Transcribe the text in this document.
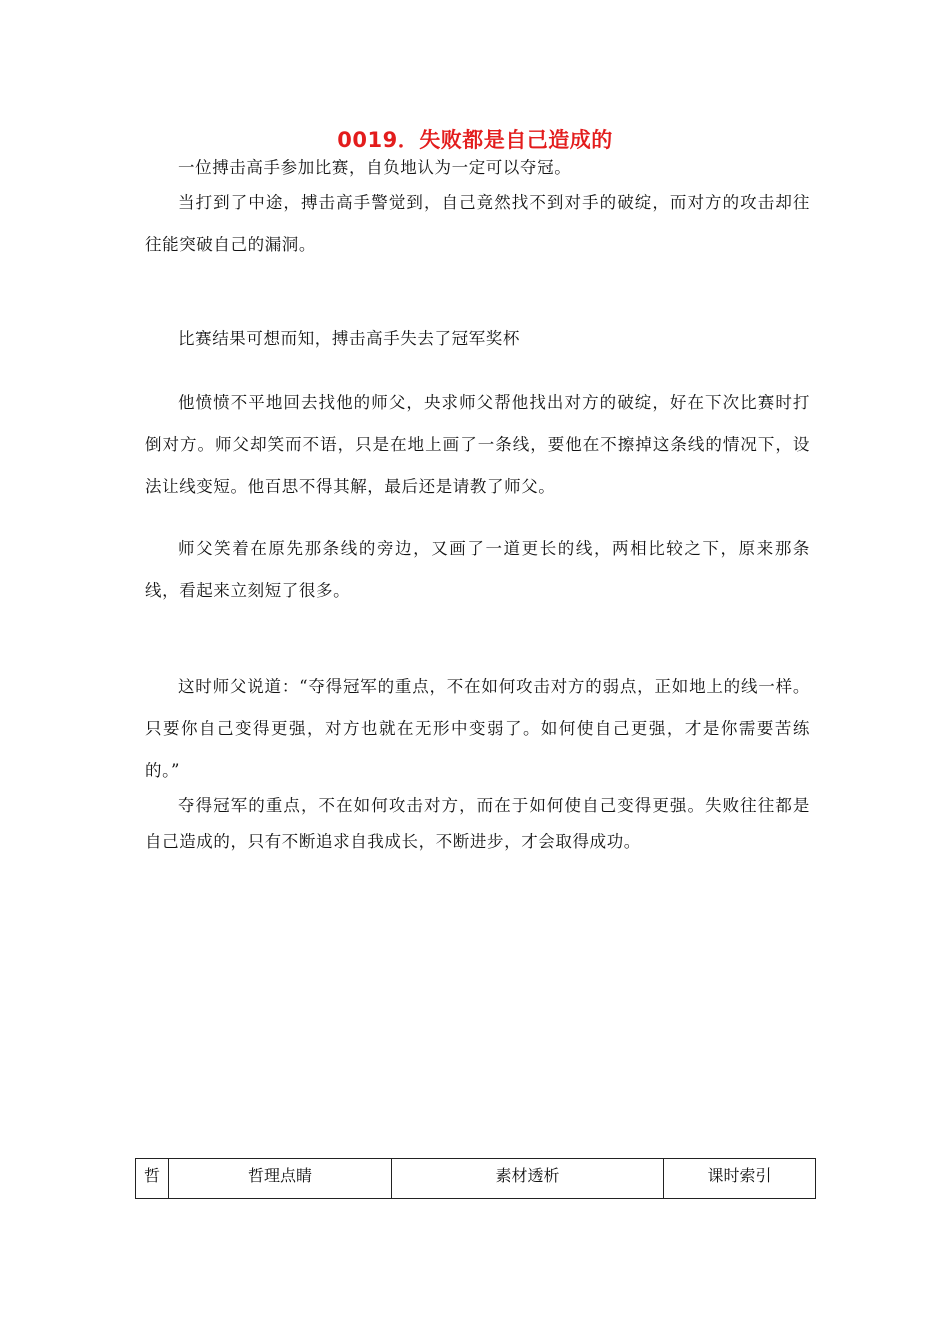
0019．失败都是自己造成的
一位搏击高手参加比赛，自负地认为一定可以夺冠。
当打到了中途，搏击高手警觉到，自己竟然找不到对手的破绽，而对方的攻击却往往能突破自己的漏洞。
比赛结果可想而知，搏击高手失去了冠军奖杯
他愤愤不平地回去找他的师父，央求师父帮他找出对方的破绽，好在下次比赛时打倒对方。师父却笑而不语，只是在地上画了一条线，要他在不擦掉这条线的情况下，设法让线变短。他百思不得其解，最后还是请教了师父。
师父笑着在原先那条线的旁边，又画了一道更长的线，两相比较之下，原来那条线，看起来立刻短了很多。
这时师父说道：“夺得冠军的重点，不在如何攻击对方的弱点，正如地上的线一样。只要你自己变得更强，对方也就在无形中变弱了。如何使自己更强，才是你需要苦练的。”
夺得冠军的重点，不在如何攻击对方，而在于如何使自己变得更强。失败往往都是自己造成的，只有不断追求自我成长，不断进步，才会取得成功。
哲	哲理点睛	素材透析	课时索引
